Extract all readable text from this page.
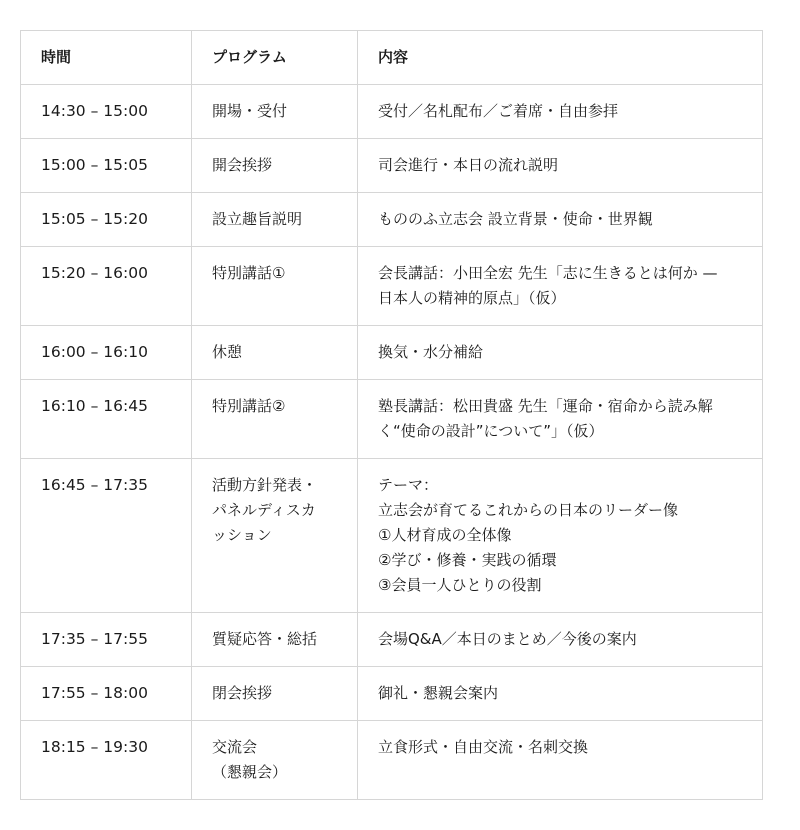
時間	プログラム	内容
14:30 – 15:00	開場・受付	受付／名札配布／ご着席・自由参拝

15:00 – 15:05	開会挨拶	司会進行・本日の流れ説明

15:05 – 15:20	設立趣旨説明	もののふ立志会 設立背景・使命・世界観

15:20 – 16:00	特別講話①	会長講話：小田全宏 先生「志に生きるとは何か —
日本人の精神的原点」（仮）

16:00 – 16:10	休憩	換気・水分補給

16:10 – 16:45	特別講話②	塾長講話：松田貴盛 先生「運命・宿命から読み解
く“使命の設計”について”」（仮）

16:45 – 17:35	活動方針発表・
パネルディスカ
ッション	テーマ：
立志会が育てるこれからの日本のリーダー像
①人材育成の全体像
②学び・修養・実践の循環
③会員一人ひとりの役割

17:35 – 17:55	質疑応答・総括	会場Q&A／本日のまとめ／今後の案内

17:55 – 18:00	閉会挨拶	御礼・懇親会案内

18:15 – 19:30	交流会
（懇親会）	立食形式・自由交流・名刺交換
